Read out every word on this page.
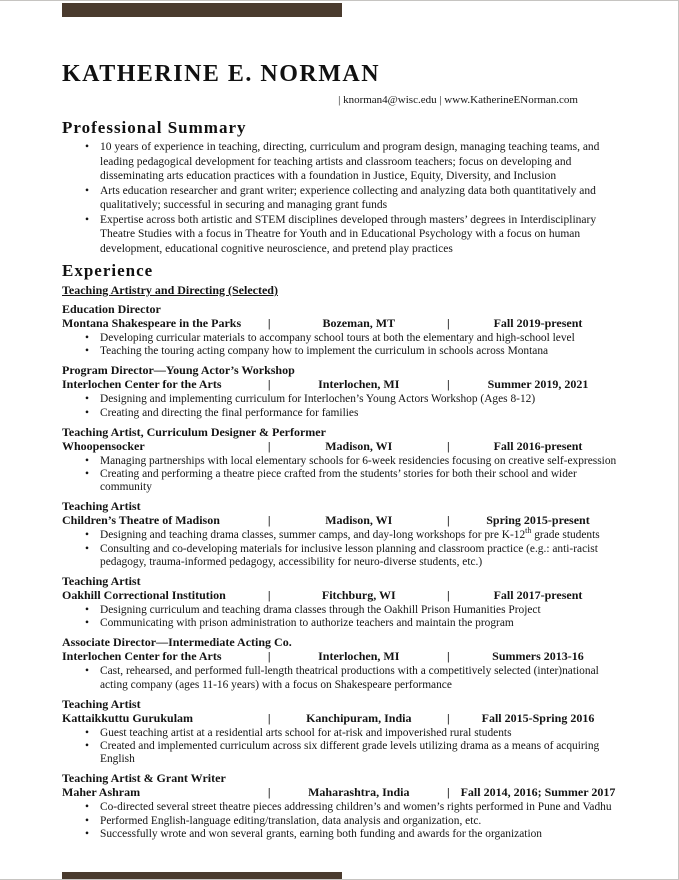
KATHERINE E. NORMAN
| knorman4@wisc.edu | www.KatherineENorman.com
Professional Summary
• 10 years of experience in teaching, directing, curriculum and program design, managing teaching teams, and leading pedagogical development for teaching artists and classroom teachers; focus on developing and disseminating arts education practices with a foundation in Justice, Equity, Diversity, and Inclusion
• Arts education researcher and grant writer; experience collecting and analyzing data both quantitatively and qualitatively; successful in securing and managing grant funds
• Expertise across both artistic and STEM disciplines developed through masters’ degrees in Interdisciplinary Theatre Studies with a focus in Theatre for Youth and in Educational Psychology with a focus on human development, educational cognitive neuroscience, and pretend play practices
Experience
Teaching Artistry and Directing (Selected)
Education Director
Montana Shakespeare in the Parks	|	Bozeman, MT	|	Fall 2019-present
• Developing curricular materials to accompany school tours at both the elementary and high-school level
• Teaching the touring acting company how to implement the curriculum in schools across Montana
Program Director—Young Actor’s Workshop
Interlochen Center for the Arts	|	Interlochen, MI	|	Summer 2019, 2021
• Designing and implementing curriculum for Interlochen’s Young Actors Workshop (Ages 8-12)
• Creating and directing the final performance for families
Teaching Artist, Curriculum Designer & Performer
Whoopensocker	|	Madison, WI	|	Fall 2016-present
• Managing partnerships with local elementary schools for 6-week residencies focusing on creative self-expression
• Creating and performing a theatre piece crafted from the students’ stories for both their school and wider community
Teaching Artist
Children’s Theatre of Madison	|	Madison, WI	|	Spring 2015-present
• Designing and teaching drama classes, summer camps, and day-long workshops for pre K-12th grade students
• Consulting and co-developing materials for inclusive lesson planning and classroom practice (e.g.: anti-racist pedagogy, trauma-informed pedagogy, accessibility for neuro-diverse students, etc.)
Teaching Artist
Oakhill Correctional Institution	|	Fitchburg, WI	|	Fall 2017-present
• Designing curriculum and teaching drama classes through the Oakhill Prison Humanities Project
• Communicating with prison administration to authorize teachers and maintain the program
Associate Director—Intermediate Acting Co.
Interlochen Center for the Arts	|	Interlochen, MI	|	Summers 2013-16
• Cast, rehearsed, and performed full-length theatrical productions with a competitively selected (inter)national acting company (ages 11-16 years) with a focus on Shakespeare performance
Teaching Artist
Kattaikkuttu Gurukulam	|	Kanchipuram, India	|	Fall 2015-Spring 2016
• Guest teaching artist at a residential arts school for at-risk and impoverished rural students
• Created and implemented curriculum across six different grade levels utilizing drama as a means of acquiring English
Teaching Artist & Grant Writer
Maher Ashram	|	Maharashtra, India	| Fall 2014, 2016; Summer 2017
• Co-directed several street theatre pieces addressing children’s and women’s rights performed in Pune and Vadhu
• Performed English-language editing/translation, data analysis and organization, etc.
• Successfully wrote and won several grants, earning both funding and awards for the organization
